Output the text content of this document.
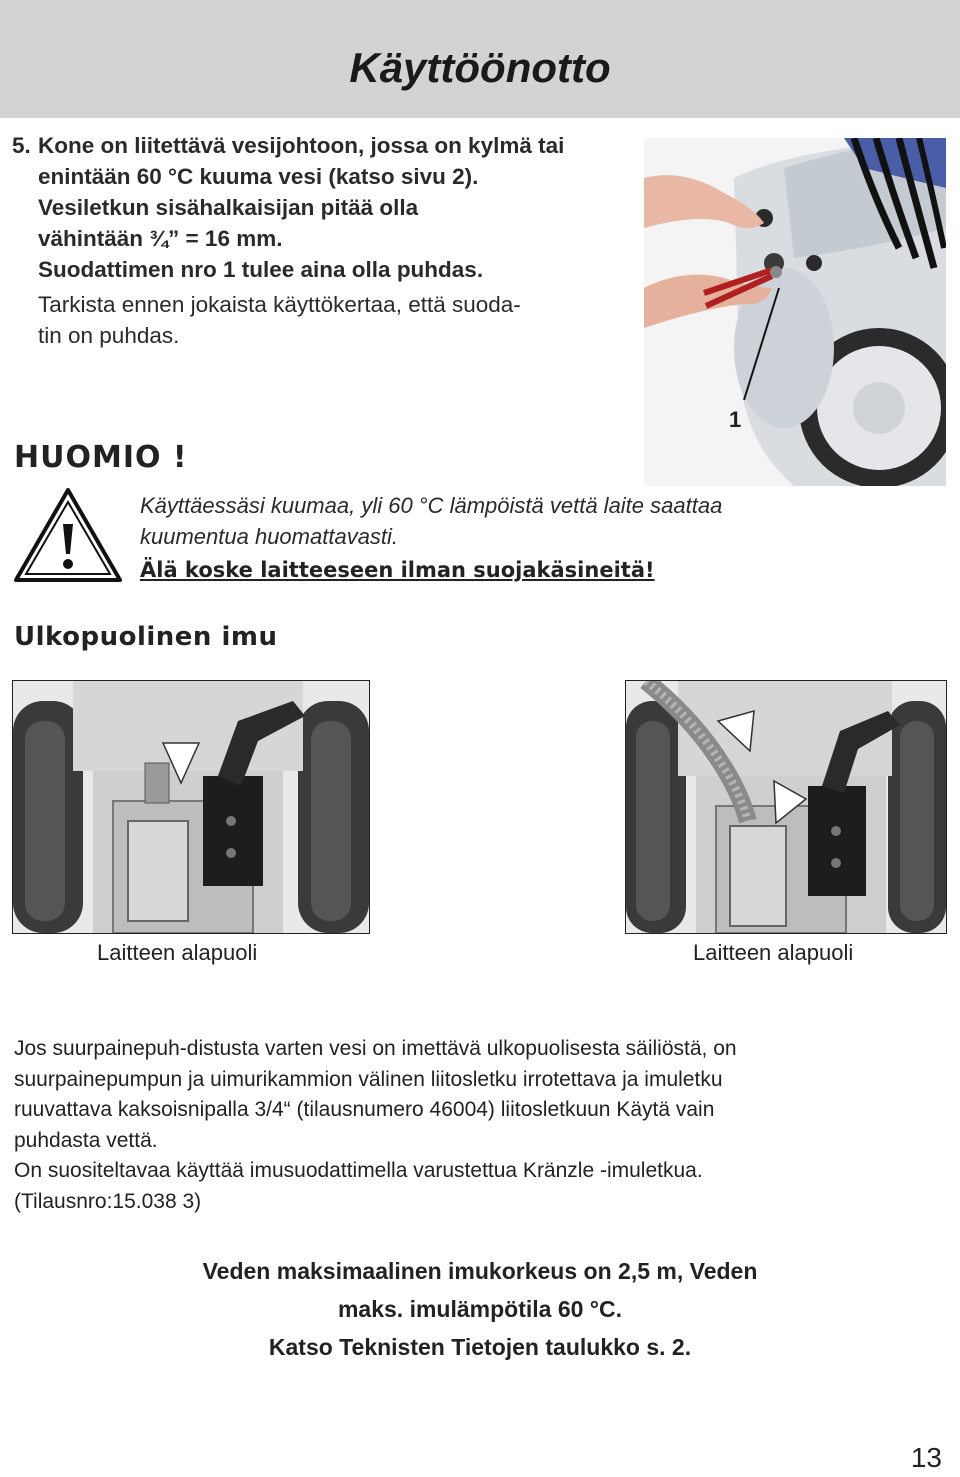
Käyttöönotto
5. Kone on liitettävä vesijohtoon, jossa on kylmä tai
enintään 60 °C kuuma vesi (katso sivu 2).
Vesiletkun sisähalkaisijan pitää olla
vähintään ¾” = 16 mm.
Suodattimen nro 1 tulee aina olla puhdas.
Tarkista ennen jokaista käyttökertaa, että suoda-
tin on puhdas.
1
HUOMIO !
Käyttäessäsi kuumaa, yli 60 °C lämpöistä vettä laite saattaa
kuumentua huomattavasti.
Älä koske laitteeseen ilman suojakäsineitä!
Ulkopuolinen imu
Laitteen alapuoli	Laitteen alapuoli
Jos suurpainepuh-distusta varten vesi on imettävä ulkopuolisesta säiliöstä, on
suurpainepumpun ja uimurikammion välinen liitosletku irrotettava ja imuletku
ruuvattava kaksoisnipalla 3/4“ (tilausnumero 46004) liitosletkuun Käytä vain
puhdasta vettä.
On suositeltavaa käyttää imusuodattimella varustettua Kränzle -imuletkua.
(Tilausnro:15.038 3)
Veden maksimaalinen imukorkeus on 2,5 m, Veden
maks. imulämpötila 60 °C.
Katso Teknisten Tietojen taulukko s. 2.
13
